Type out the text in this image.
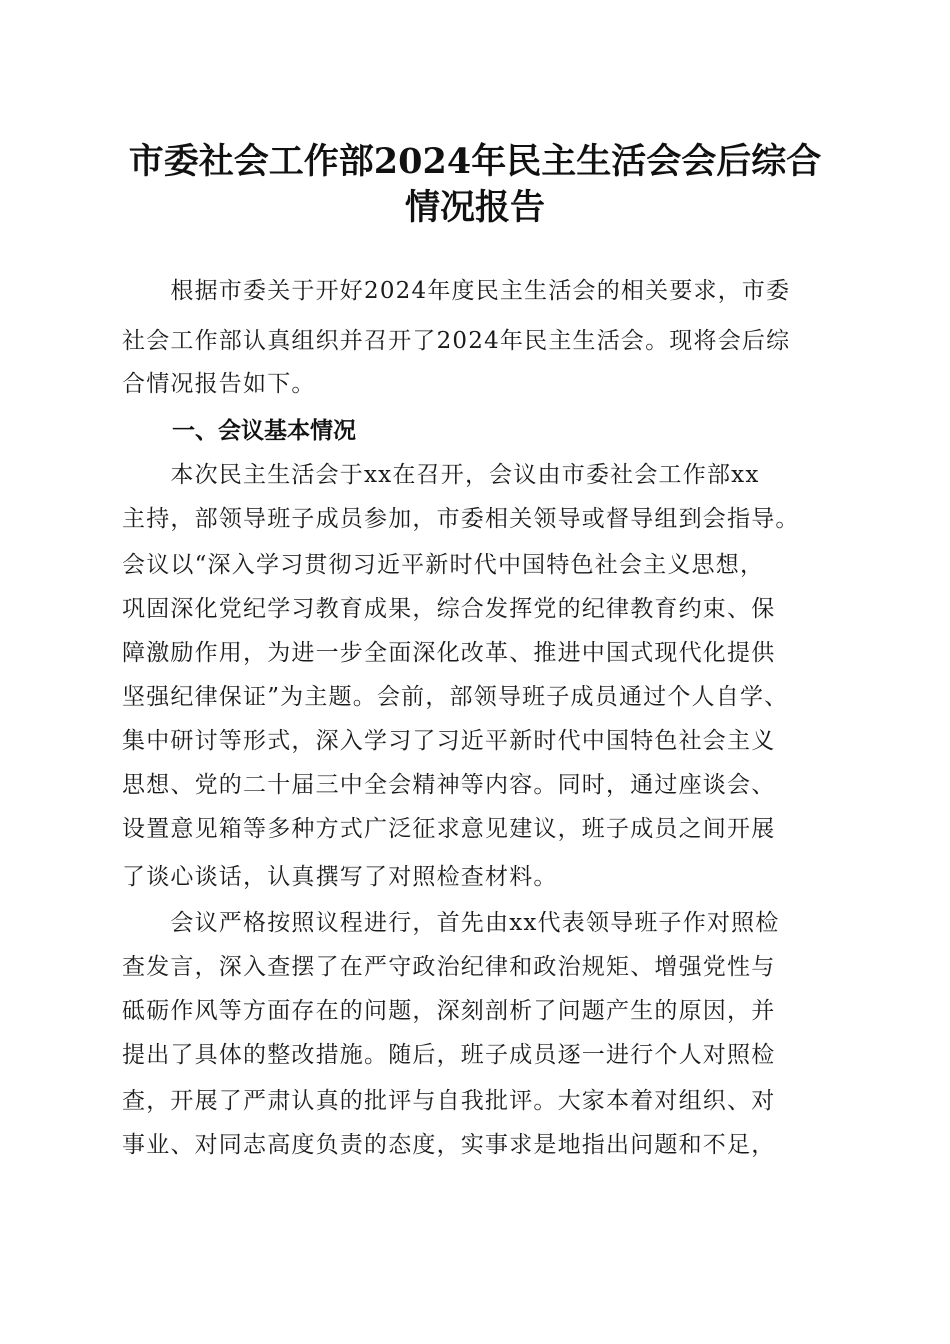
市委社会工作部2024年民主生活会会后综合
情况报告
　　根据市委关于开好2024年度民主生活会的相关要求，市委
社会工作部认真组织并召开了2024年民主生活会。现将会后综
合情况报告如下。
一、会议基本情况
　　本次民主生活会于xx在召开，会议由市委社会工作部xx
主持，部领导班子成员参加，市委相关领导或督导组到会指导。
会议以“深入学习贯彻习近平新时代中国特色社会主义思想，
巩固深化党纪学习教育成果，综合发挥党的纪律教育约束、保
障激励作用，为进一步全面深化改革、推进中国式现代化提供
坚强纪律保证”为主题。会前，部领导班子成员通过个人自学、
集中研讨等形式，深入学习了习近平新时代中国特色社会主义
思想、党的二十届三中全会精神等内容。同时，通过座谈会、
设置意见箱等多种方式广泛征求意见建议，班子成员之间开展
了谈心谈话，认真撰写了对照检查材料。
　　会议严格按照议程进行，首先由xx代表领导班子作对照检
查发言，深入查摆了在严守政治纪律和政治规矩、增强党性与
砥砺作风等方面存在的问题，深刻剖析了问题产生的原因，并
提出了具体的整改措施。随后，班子成员逐一进行个人对照检
查，开展了严肃认真的批评与自我批评。大家本着对组织、对
事业、对同志高度负责的态度，实事求是地指出问题和不足，
